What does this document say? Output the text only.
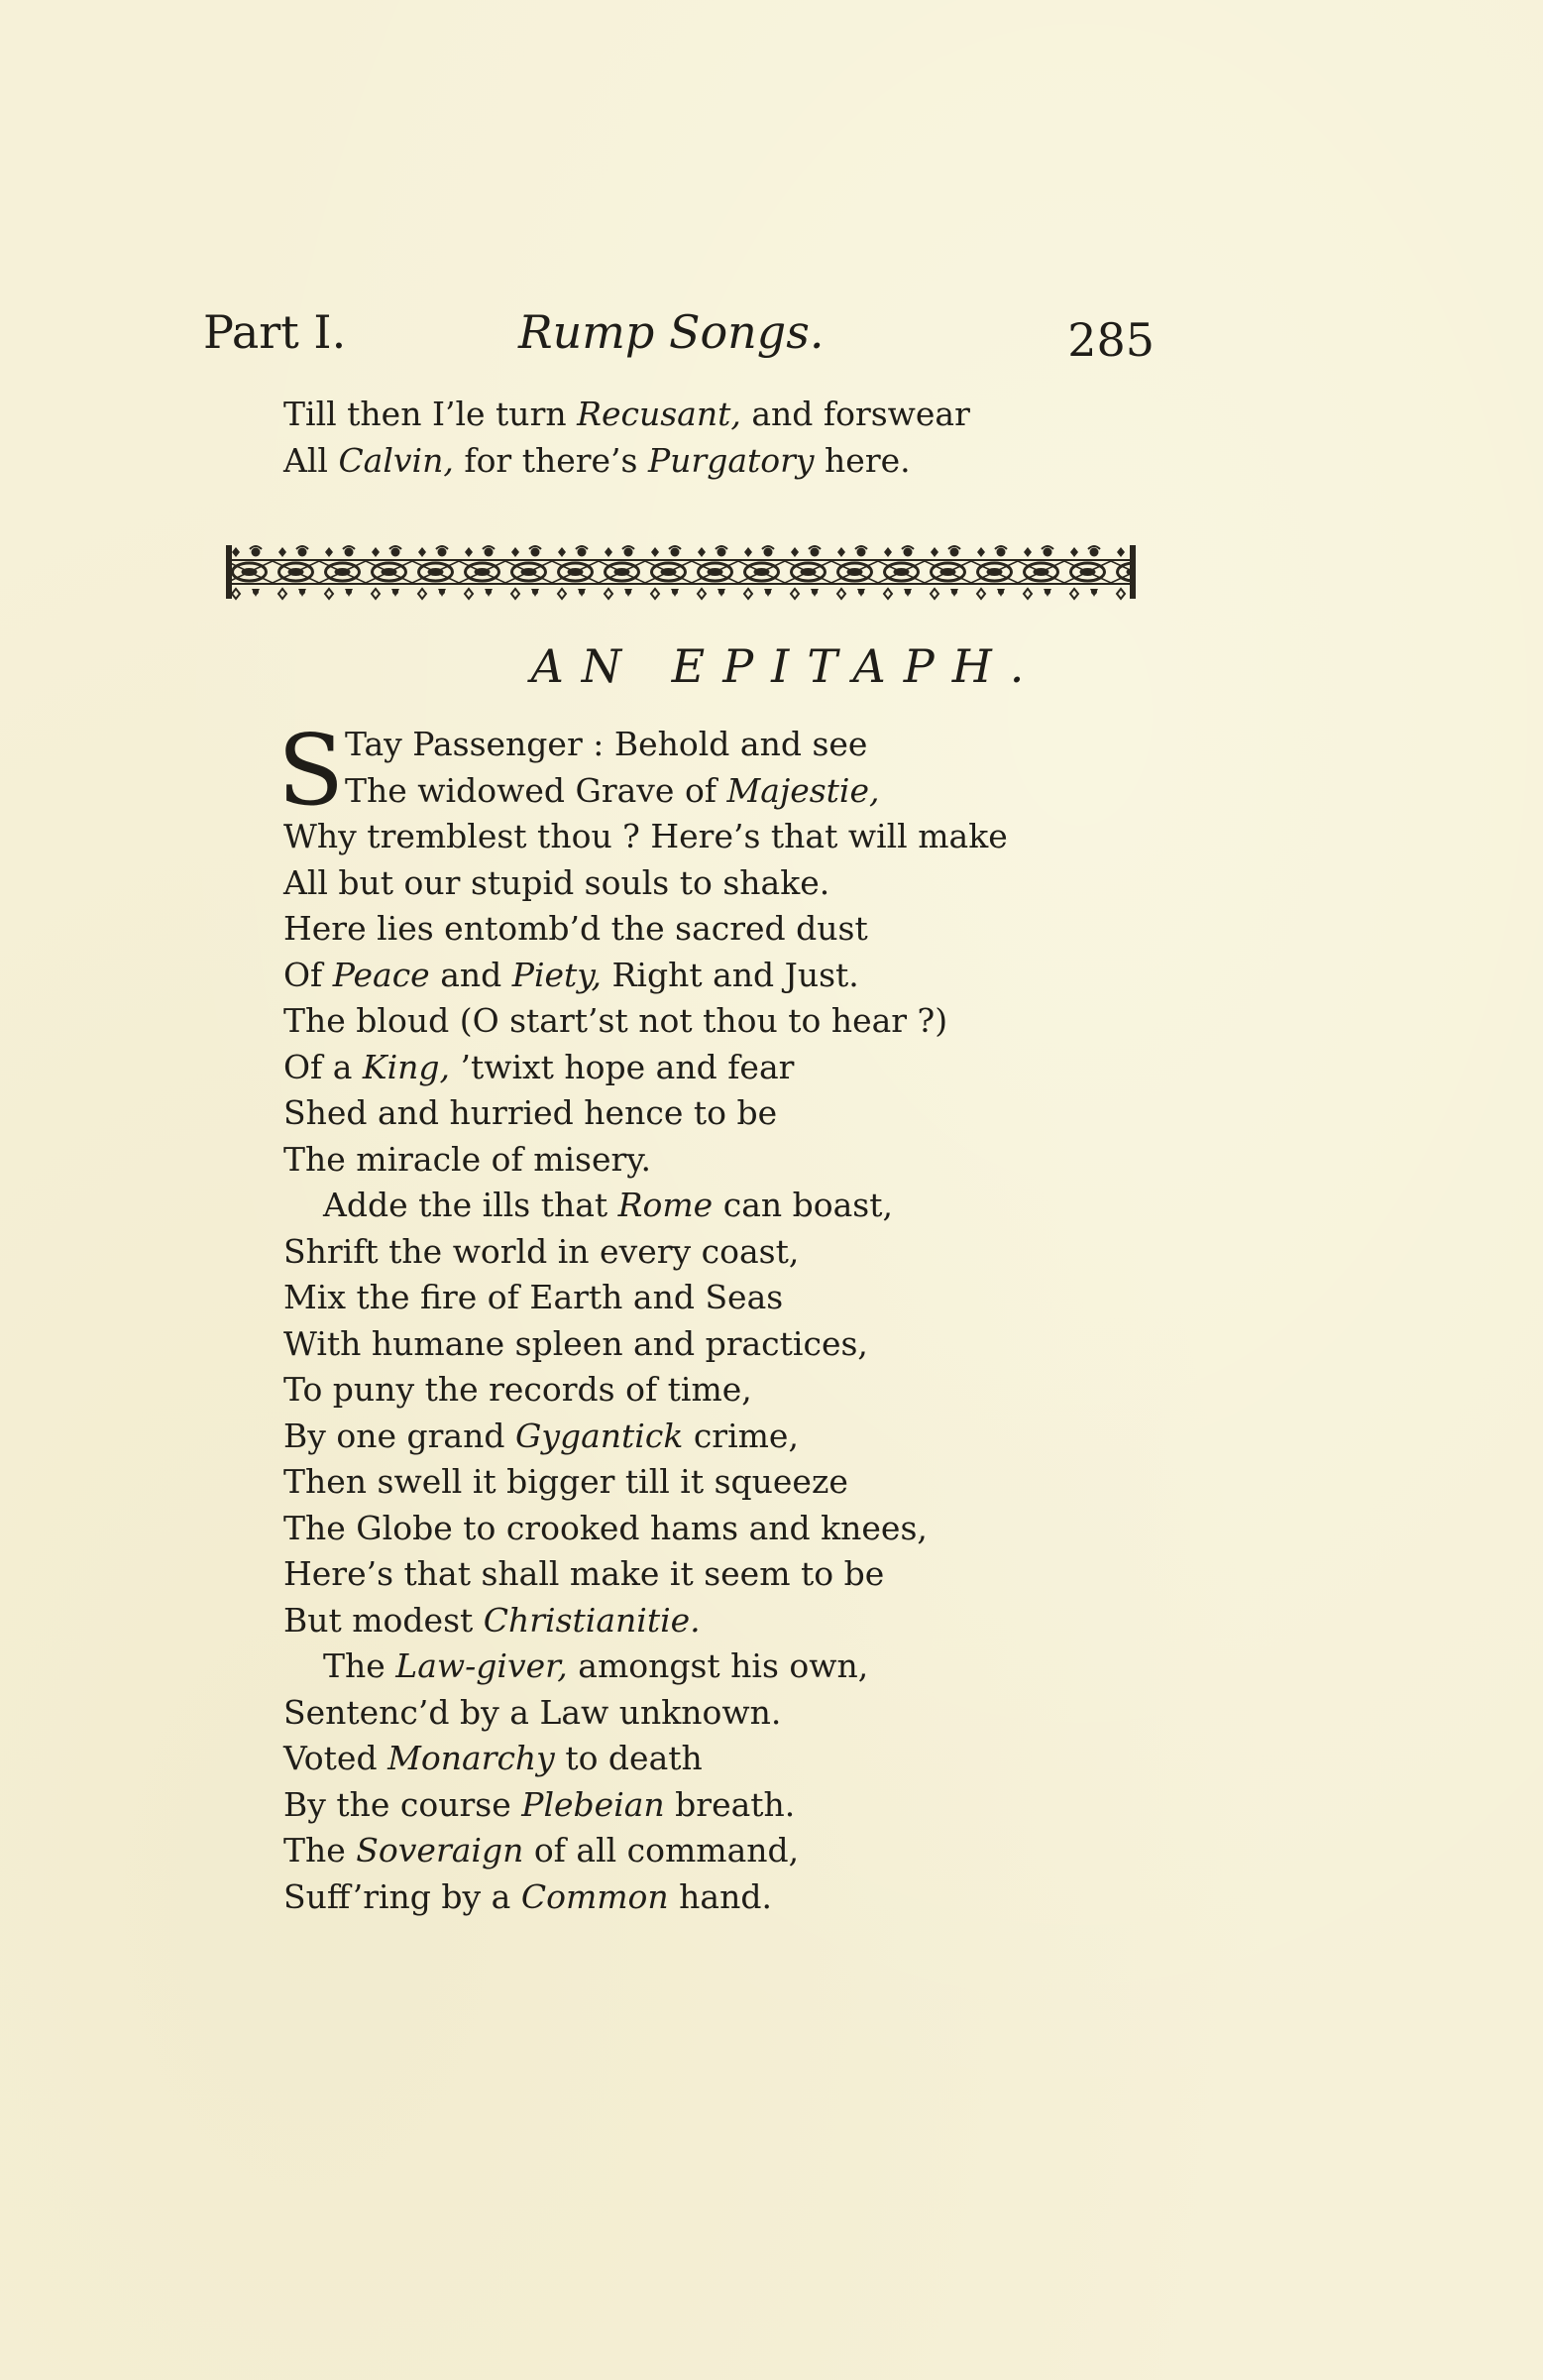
Part I.	Rump Songs.	285
Till then I’le turn Recusant, and forswear
All Calvin, for there’s Purgatory here.
AN EPITAPH.
S Tay Passenger : Behold and see
The widowed Grave of Majestie,
Why tremblest thou ? Here’s that will make
All but our stupid souls to shake.
Here lies entomb’d the sacred dust
Of Peace and Piety, Right and Just.
The bloud (O start’st not thou to hear ?)
Of a King, ’twixt hope and fear
Shed and hurried hence to be
The miracle of misery.
Adde the ills that Rome can boast,
Shrift the world in every coast,
Mix the fire of Earth and Seas
With humane spleen and practices,
To puny the records of time,
By one grand Gygantick crime,
Then swell it bigger till it squeeze
The Globe to crooked hams and knees,
Here’s that shall make it seem to be
But modest Christianitie.
The Law-giver, amongst his own,
Sentenc’d by a Law unknown.
Voted Monarchy to death
By the course Plebeian breath.
The Soveraign of all command,
Suff’ring by a Common hand.
